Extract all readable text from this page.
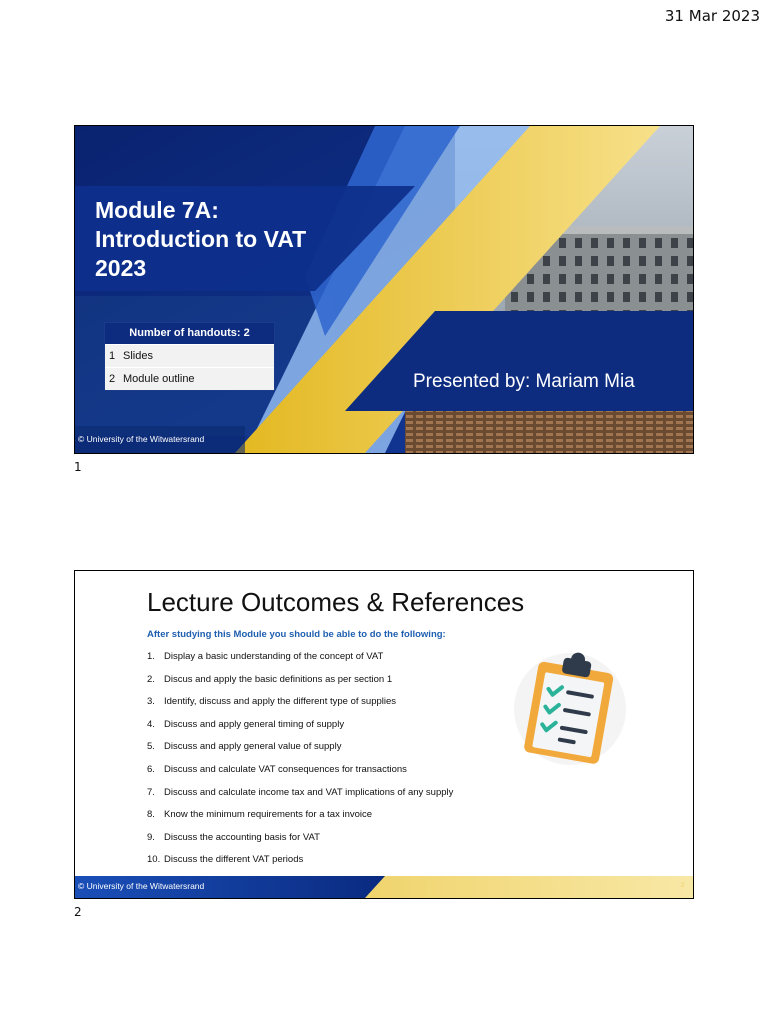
31 Mar 2023
Module 7A:
Introduction to VAT
2023
Number of handouts: 2
1 Slides
2 Module outline	Presented by: Mariam Mia
© University of the Witwatersrand
1
Lecture Outcomes & References
After studying this Module you should be able to do the following:
1. Display a basic understanding of the concept of VAT
2. Discus and apply the basic definitions as per section 1
3. Identify, discuss and apply the different type of supplies
4. Discuss and apply general timing of supply
5. Discuss and apply general value of supply
6. Discuss and calculate VAT consequences for transactions
7. Discuss and calculate income tax and VAT implications of any supply
8. Know the minimum requirements for a tax invoice
9. Discuss the accounting basis for VAT
10. Discuss the different VAT periods
© University of the Witwatersrand	2
2
